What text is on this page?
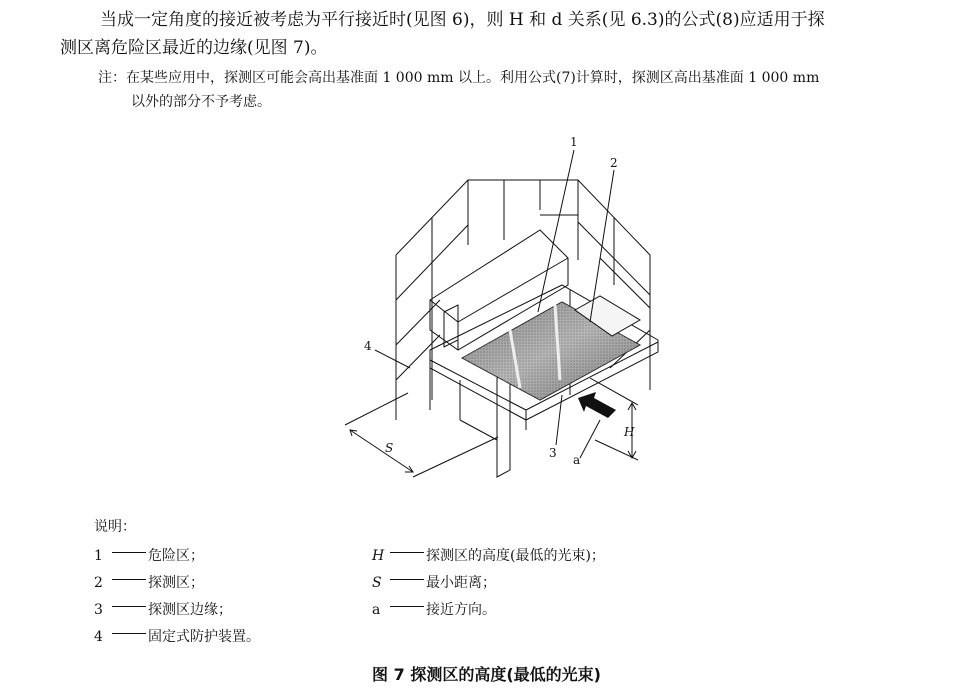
当成一定角度的接近被考虑为平行接近时(见图 6)，则 H 和 d 关系(见 6.3)的公式(8)应适用于探
测区离危险区最近的边缘(见图 7)。
注：在某些应用中，探测区可能会高出基准面 1 000 mm 以上。利用公式(7)计算时，探测区高出基准面 1 000 mm
以外的部分不予考虑。
1
2
4
3 a
H
S
说明：
1	危险区；
2	探测区；
3	探测区边缘；
4	固定式防护装置。
H	探测区的高度(最低的光束)；
S	最小距离；
a	接近方向。
图 7 探测区的高度(最低的光束)
